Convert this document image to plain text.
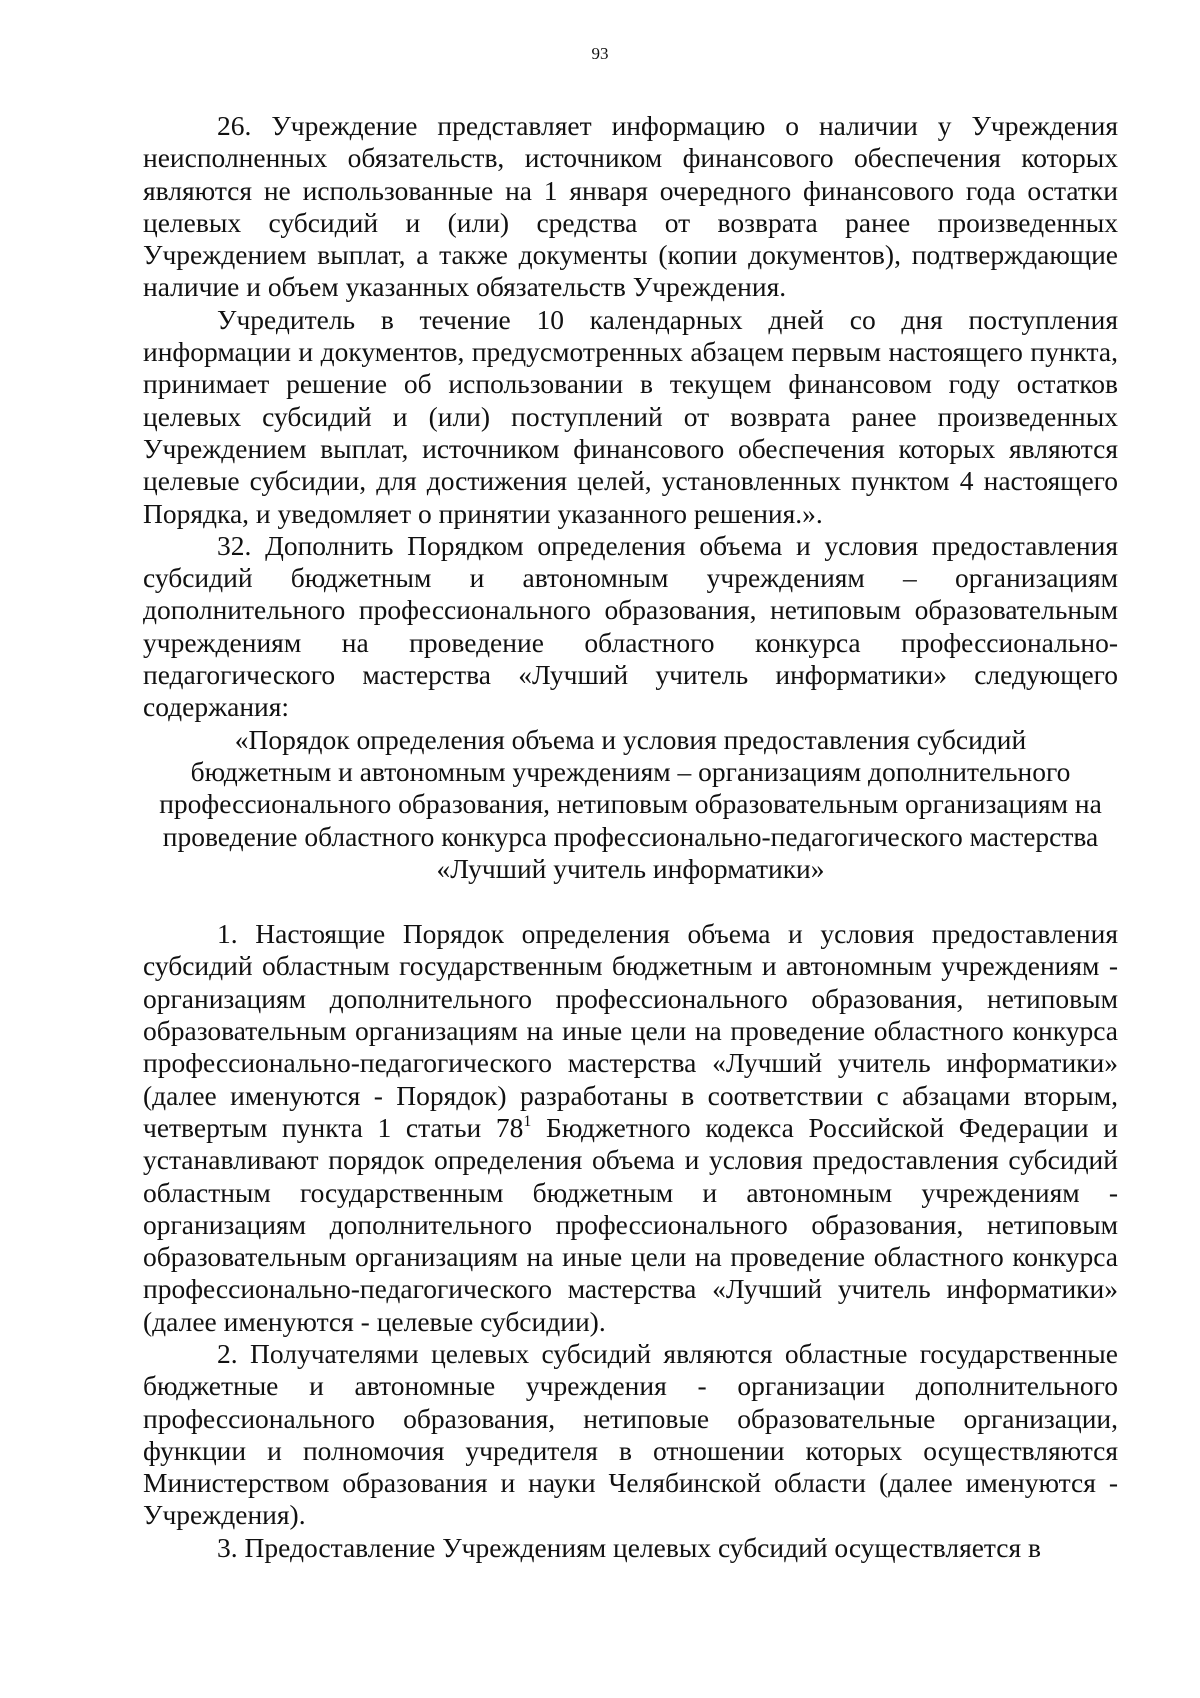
93

26. Учреждение представляет информацию о наличии у Учреждения неисполненных обязательств, источником финансового обеспечения которых являются не использованные на 1 января очередного финансового года остатки целевых субсидий и (или) средства от возврата ранее произведенных Учреждением выплат, а также документы (копии документов), подтверждающие наличие и объем указанных обязательств Учреждения.

Учредитель в течение 10 календарных дней со дня поступления информации и документов, предусмотренных абзацем первым настоящего пункта, принимает решение об использовании в текущем финансовом году остатков целевых субсидий и (или) поступлений от возврата ранее произведенных Учреждением выплат, источником финансового обеспечения которых являются целевые субсидии, для достижения целей, установленных пунктом 4 настоящего Порядка, и уведомляет о принятии указанного решения.».

32. Дополнить Порядком определения объема и условия предоставления субсидий бюджетным и автономным учреждениям – организациям дополнительного профессионального образования, нетиповым образовательным учреждениям на проведение областного конкурса профессионально-педагогического мастерства «Лучший учитель информатики» следующего содержания:

«Порядок определения объема и условия предоставления субсидий
бюджетным и автономным учреждениям – организациям дополнительного
профессионального образования, нетиповым образовательным организациям на
проведение областного конкурса профессионально-педагогического мастерства
«Лучший учитель информатики»

1. Настоящие Порядок определения объема и условия предоставления субсидий областным государственным бюджетным и автономным учреждениям - организациям дополнительного профессионального образования, нетиповым образовательным организациям на иные цели на проведение областного конкурса профессионально-педагогического мастерства «Лучший учитель информатики» (далее именуются - Порядок) разработаны в соответствии с абзацами вторым, четвертым пункта 1 статьи $78^1$ Бюджетного кодекса Российской Федерации и устанавливают порядок определения объема и условия предоставления субсидий областным государственным бюджетным и автономным учреждениям - организациям дополнительного профессионального образования, нетиповым образовательным организациям на иные цели на проведение областного конкурса профессионально-педагогического мастерства «Лучший учитель информатики» (далее именуются - целевые субсидии).

2. Получателями целевых субсидий являются областные государственные бюджетные и автономные учреждения - организации дополнительного профессионального образования, нетиповые образовательные организации, функции и полномочия учредителя в отношении которых осуществляются Министерством образования и науки Челябинской области (далее именуются - Учреждения).

3. Предоставление Учреждениям целевых субсидий осуществляется в
